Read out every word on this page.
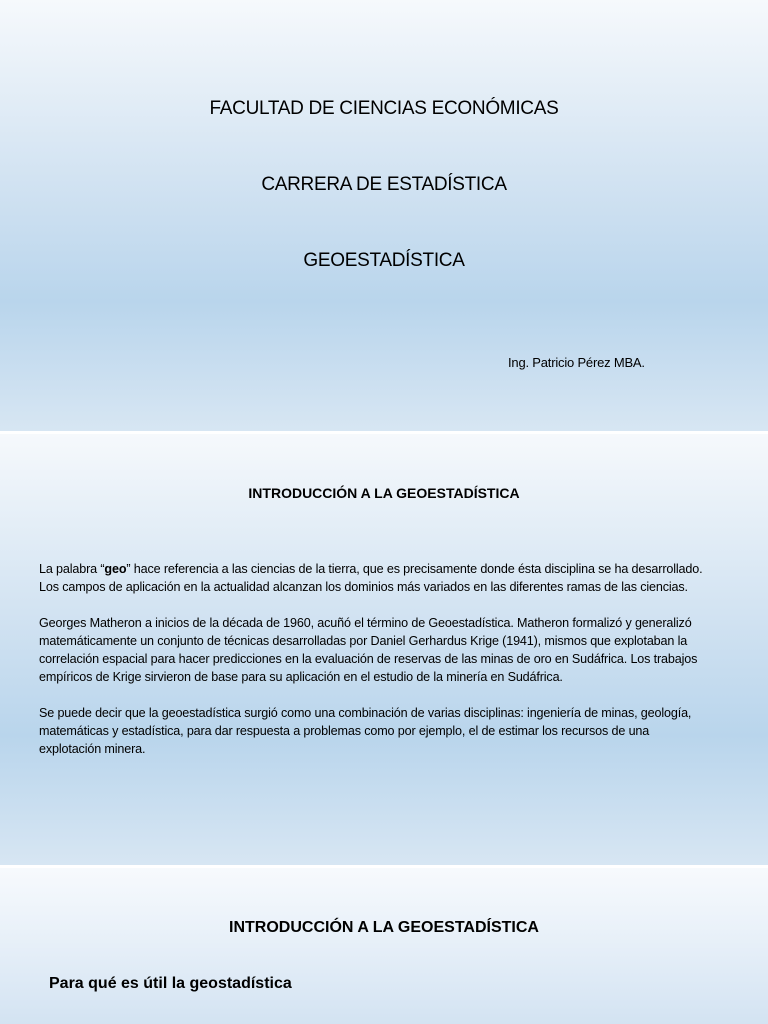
FACULTAD DE CIENCIAS ECONÓMICAS
CARRERA DE ESTADÍSTICA
GEOESTADÍSTICA
Ing. Patricio Pérez MBA.
INTRODUCCIÓN A LA GEOESTADÍSTICA

La palabra “geo” hace referencia a las ciencias de la tierra, que es precisamente donde ésta disciplina se ha desarrollado. Los campos de aplicación en la actualidad alcanzan los dominios más variados en las diferentes ramas de las ciencias.

Georges Matheron a inicios de la década de 1960, acuñó el término de Geoestadística. Matheron formalizó y generalizó matemáticamente un conjunto de técnicas desarrolladas por Daniel Gerhardus Krige (1941), mismos que explotaban la correlación espacial para hacer predicciones en la evaluación de reservas de las minas de oro en Sudáfrica. Los trabajos empíricos de Krige sirvieron de base para su aplicación en el estudio de la minería en Sudáfrica.

Se puede decir que la geoestadística surgió como una combinación de varias disciplinas: ingeniería de minas, geología, matemáticas y estadística, para dar respuesta a problemas como por ejemplo, el de estimar los recursos de una explotación minera.

INTRODUCCIÓN A LA GEOESTADÍSTICA
Para qué es útil la geostadística
